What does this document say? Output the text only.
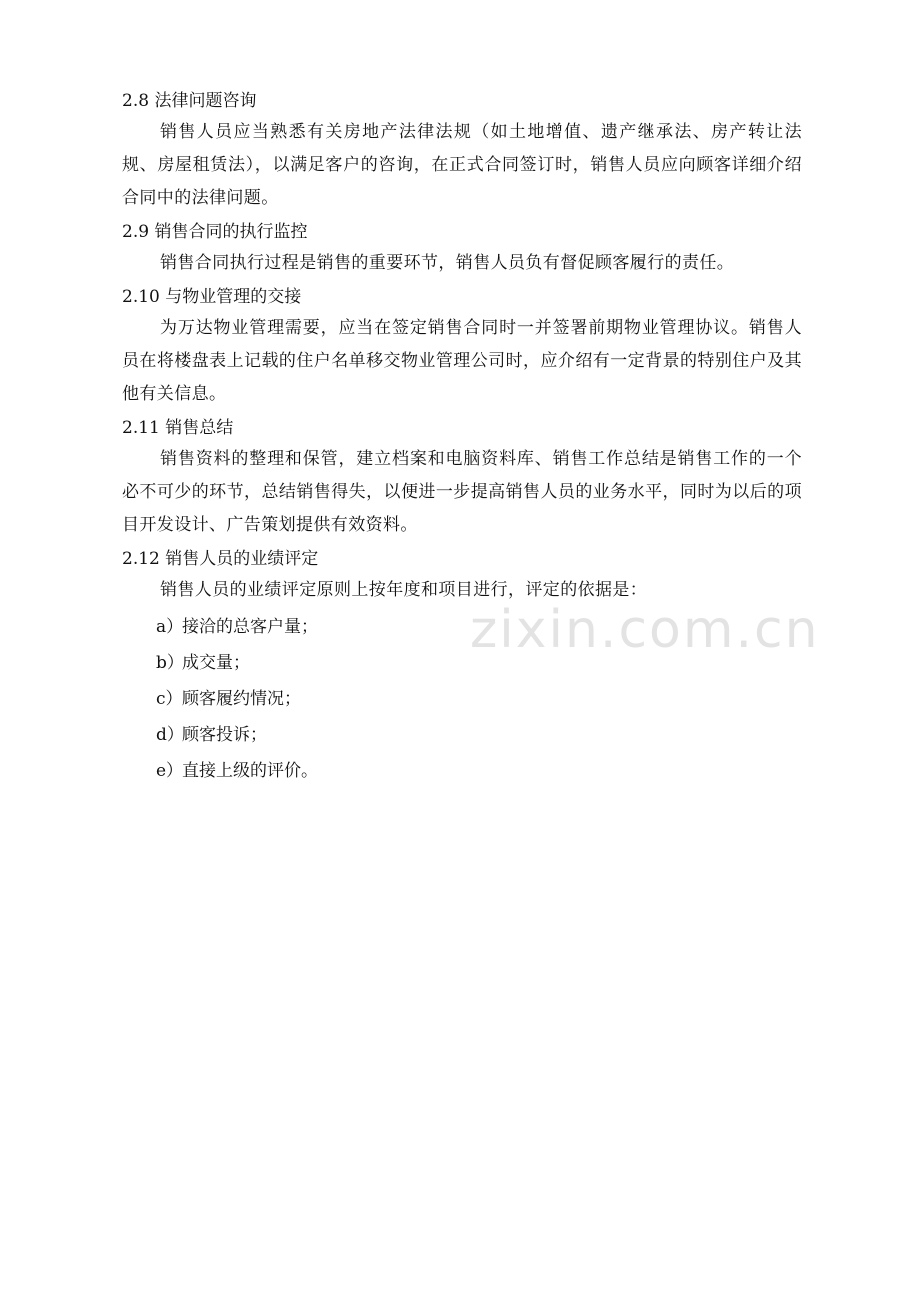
zixin.com.cn

2.8 法律问题咨询

销售人员应当熟悉有关房地产法律法规（如土地增值、遗产继承法、房产转让法规、房屋租赁法），以满足客户的咨询，在正式合同签订时，销售人员应向顾客详细介绍合同中的法律问题。

2.9 销售合同的执行监控

销售合同执行过程是销售的重要环节，销售人员负有督促顾客履行的责任。

2.10 与物业管理的交接

为万达物业管理需要，应当在签定销售合同时一并签署前期物业管理协议。销售人员在将楼盘表上记载的住户名单移交物业管理公司时，应介绍有一定背景的特别住户及其他有关信息。

2.11 销售总结

销售资料的整理和保管，建立档案和电脑资料库、销售工作总结是销售工作的一个必不可少的环节，总结销售得失，以便进一步提高销售人员的业务水平，同时为以后的项目开发设计、广告策划提供有效资料。

2.12 销售人员的业绩评定

销售人员的业绩评定原则上按年度和项目进行，评定的依据是：

a）接洽的总客户量；
b）成交量；
c）顾客履约情况；
d）顾客投诉；
e）直接上级的评价。
